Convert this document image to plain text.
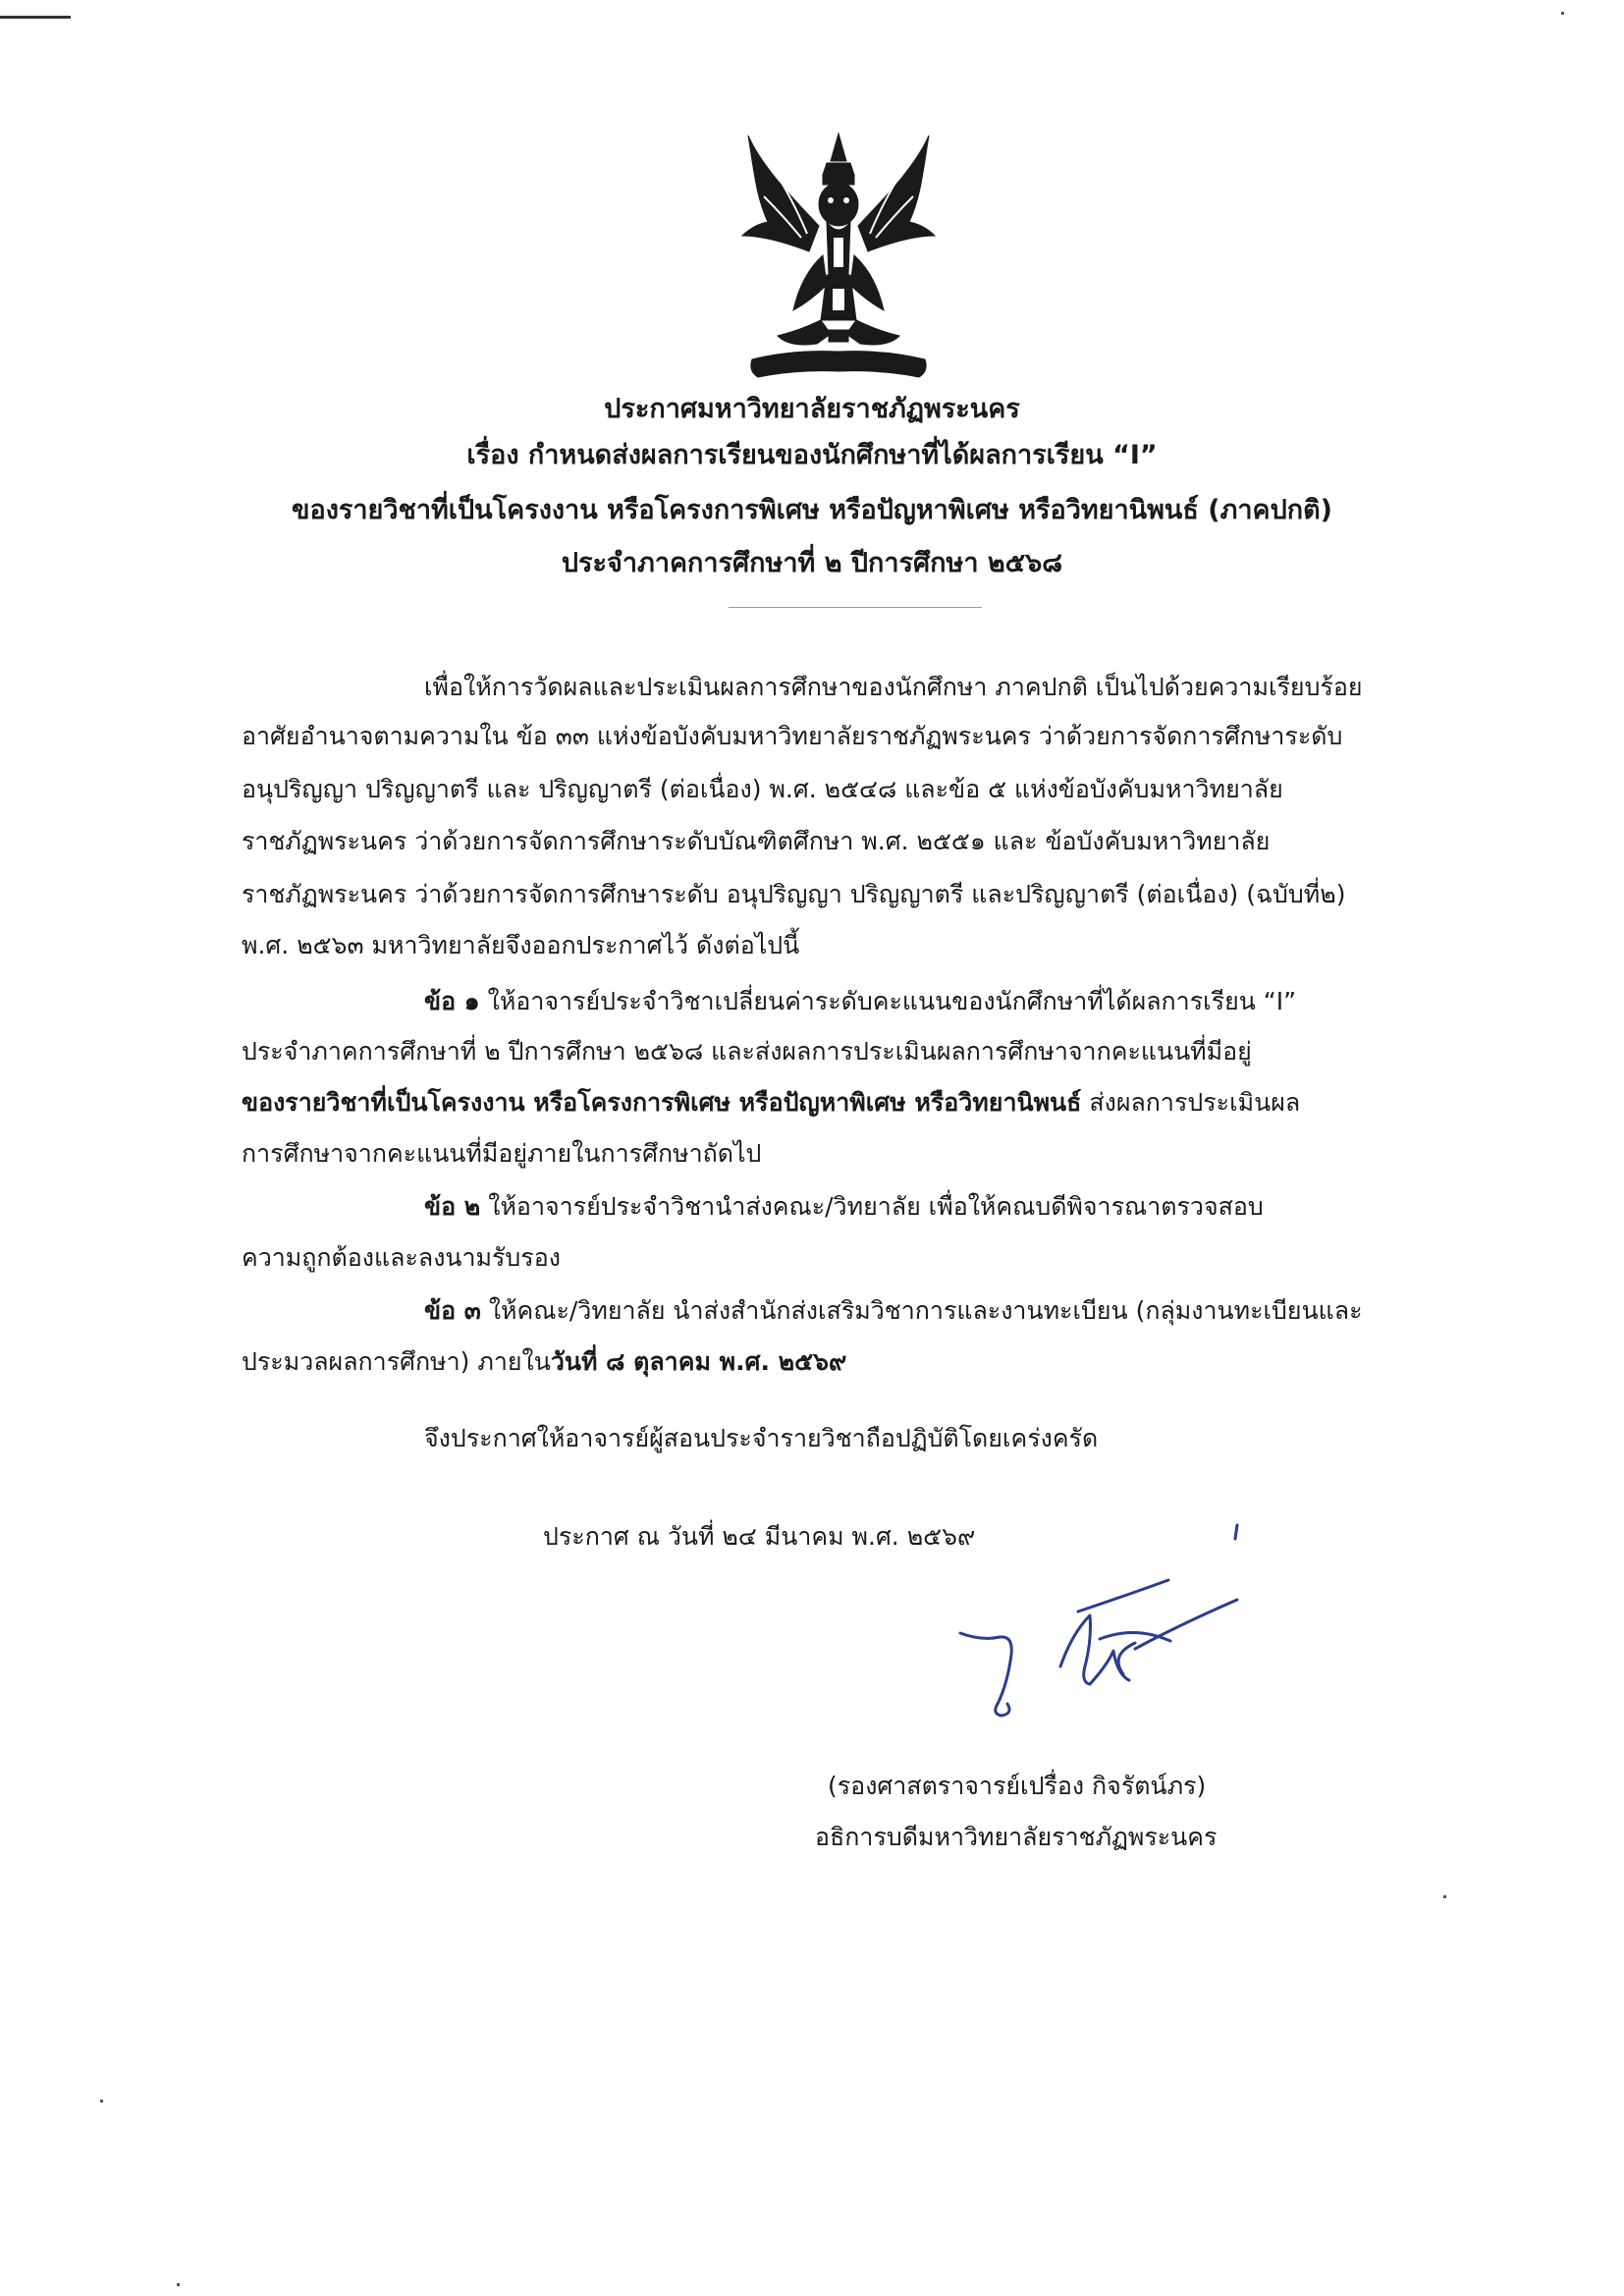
ประกาศมหาวิทยาลัยราชภัฏพระนคร
เรื่อง กำหนดส่งผลการเรียนของนักศึกษาที่ได้ผลการเรียน “I”
ของรายวิชาที่เป็นโครงงาน หรือโครงการพิเศษ หรือปัญหาพิเศษ หรือวิทยานิพนธ์ (ภาคปกติ)
ประจำภาคการศึกษาที่ ๒ ปีการศึกษา ๒๕๖๘
เพื่อให้การวัดผลและประเมินผลการศึกษาของนักศึกษา ภาคปกติ เป็นไปด้วยความเรียบร้อย
อาศัยอำนาจตามความใน ข้อ ๓๓ แห่งข้อบังคับมหาวิทยาลัยราชภัฏพระนคร ว่าด้วยการจัดการศึกษาระดับ
อนุปริญญา ปริญญาตรี และ ปริญญาตรี (ต่อเนื่อง) พ.ศ. ๒๕๔๘ และข้อ ๕ แห่งข้อบังคับมหาวิทยาลัย
ราชภัฏพระนคร ว่าด้วยการจัดการศึกษาระดับบัณฑิตศึกษา พ.ศ. ๒๕๕๑ และ ข้อบังคับมหาวิทยาลัย
ราชภัฏพระนคร ว่าด้วยการจัดการศึกษาระดับ อนุปริญญา ปริญญาตรี และปริญญาตรี (ต่อเนื่อง) (ฉบับที่๒)
พ.ศ. ๒๕๖๓ มหาวิทยาลัยจึงออกประกาศไว้ ดังต่อไปนี้
ข้อ ๑ ให้อาจารย์ประจำวิชาเปลี่ยนค่าระดับคะแนนของนักศึกษาที่ได้ผลการเรียน “I”
ประจำภาคการศึกษาที่ ๒ ปีการศึกษา ๒๕๖๘ และส่งผลการประเมินผลการศึกษาจากคะแนนที่มีอยู่
ของรายวิชาที่เป็นโครงงาน หรือโครงการพิเศษ หรือปัญหาพิเศษ หรือวิทยานิพนธ์ ส่งผลการประเมินผล
การศึกษาจากคะแนนที่มีอยู่ภายในการศึกษาถัดไป
ข้อ ๒ ให้อาจารย์ประจำวิชานำส่งคณะ/วิทยาลัย เพื่อให้คณบดีพิจารณาตรวจสอบ
ความถูกต้องและลงนามรับรอง
ข้อ ๓ ให้คณะ/วิทยาลัย นำส่งสำนักส่งเสริมวิชาการและงานทะเบียน (กลุ่มงานทะเบียนและ
ประมวลผลการศึกษา) ภายในวันที่ ๘ ตุลาคม พ.ศ. ๒๕๖๙
จึงประกาศให้อาจารย์ผู้สอนประจำรายวิชาถือปฏิบัติโดยเคร่งครัด
ประกาศ ณ วันที่ ๒๔ มีนาคม พ.ศ. ๒๕๖๙
(รองศาสตราจารย์เปรื่อง กิจรัตน์ภร)
อธิการบดีมหาวิทยาลัยราชภัฏพระนคร
